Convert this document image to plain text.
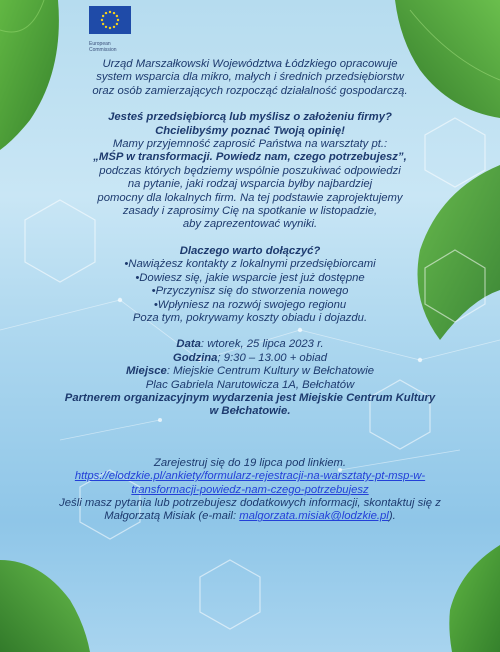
European
Commission
Urząd Marszałkowski Województwa Łódzkiego opracowuje
system wsparcia dla mikro, małych i średnich przedsiębiorstw
oraz osób zamierzających rozpocząć działalność gospodarczą.
Jesteś przedsiębiorcą lub myślisz o założeniu firmy?
Chcielibyśmy poznać Twoją opinię!
Mamy przyjemność zaprosić Państwa na warsztaty pt.:
„MŚP w transformacji. Powiedz nam, czego potrzebujesz”,
podczas których będziemy wspólnie poszukiwać odpowiedzi
na pytanie, jaki rodzaj wsparcia byłby najbardziej
pomocny dla lokalnych firm. Na tej podstawie zaprojektujemy
zasady i zaprosimy Cię na spotkanie w listopadzie,
aby zaprezentować wyniki.
Dlaczego warto dołączyć?
•Nawiążesz kontakty z lokalnymi przedsiębiorcami
•Dowiesz się, jakie wsparcie jest już dostępne
•Przyczynisz się do stworzenia nowego
•Wpłyniesz na rozwój swojego regionu
Poza tym, pokrywamy koszty obiadu i dojazdu.
Data: wtorek, 25 lipca 2023 r.
Godzina; 9:30 – 13.00 + obiad
Miejsce: Miejskie Centrum Kultury w Bełchatowie
Plac Gabriela Narutowicza 1A, Bełchatów
Partnerem organizacyjnym wydarzenia jest Miejskie Centrum Kultury
w Bełchatowie.
Zarejestruj się do 19 lipca pod linkiem.
https://elodzkie.pl/ankiety/formularz-rejestracji-na-warsztaty-pt-msp-w-
transformacji-powiedz-nam-czego-potrzebujesz
Jeśli masz pytania lub potrzebujesz dodatkowych informacji, skontaktuj się z
Małgorzatą Misiak (e-mail: malgorzata.misiak@lodzkie.pl).
